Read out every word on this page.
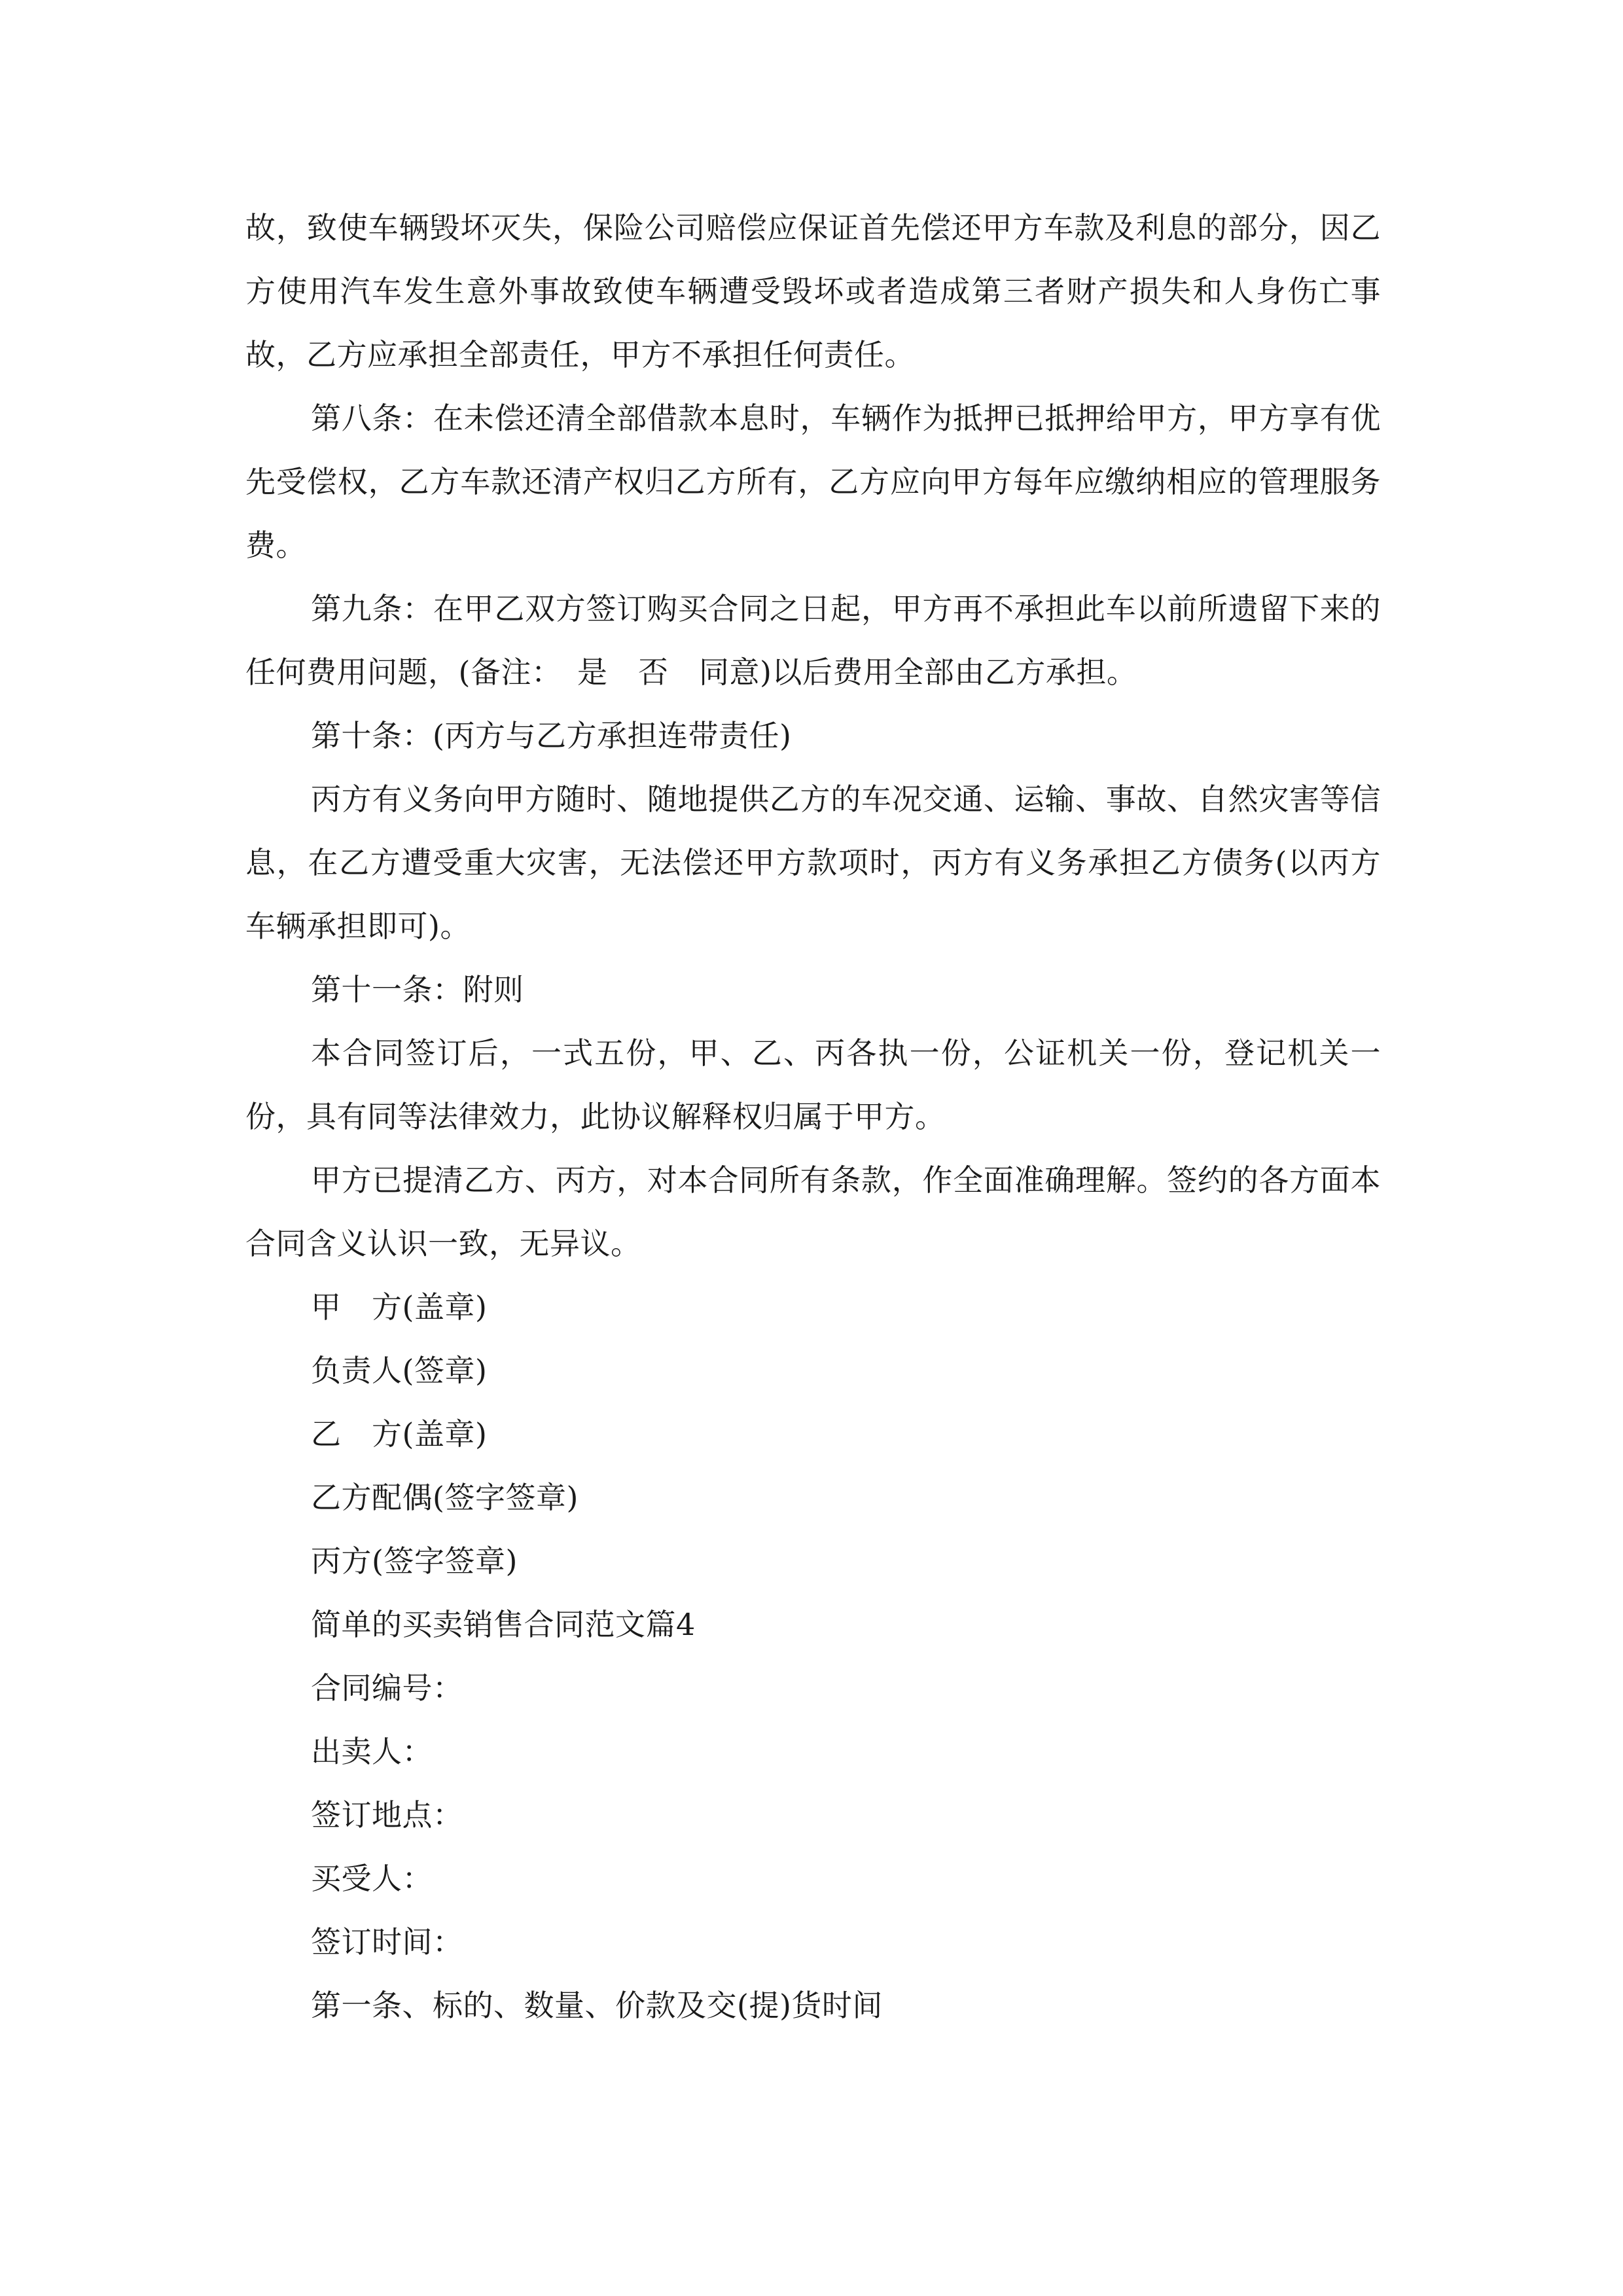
故，致使车辆毁坏灭失，保险公司赔偿应保证首先偿还甲方车款及利息的部分，因乙方使用汽车发生意外事故致使车辆遭受毁坏或者造成第三者财产损失和人身伤亡事故，乙方应承担全部责任，甲方不承担任何责任。

第八条：在未偿还清全部借款本息时，车辆作为抵押已抵押给甲方，甲方享有优先受偿权，乙方车款还清产权归乙方所有，乙方应向甲方每年应缴纳相应的管理服务费。

第九条：在甲乙双方签订购买合同之日起，甲方再不承担此车以前所遗留下来的任何费用问题，(备注：　是　否　同意)以后费用全部由乙方承担。

第十条：(丙方与乙方承担连带责任)

丙方有义务向甲方随时、随地提供乙方的车况交通、运输、事故、自然灾害等信息，在乙方遭受重大灾害，无法偿还甲方款项时，丙方有义务承担乙方债务(以丙方车辆承担即可)。

第十一条：附则

本合同签订后，一式五份，甲、乙、丙各执一份，公证机关一份，登记机关一份，具有同等法律效力，此协议解释权归属于甲方。

甲方已提清乙方、丙方，对本合同所有条款，作全面准确理解。签约的各方面本合同含义认识一致，无异议。

甲　方(盖章)

负责人(签章)

乙　方(盖章)

乙方配偶(签字签章)

丙方(签字签章)

简单的买卖销售合同范文篇4

合同编号：

出卖人：

签订地点：

买受人：

签订时间：

第一条、标的、数量、价款及交(提)货时间
